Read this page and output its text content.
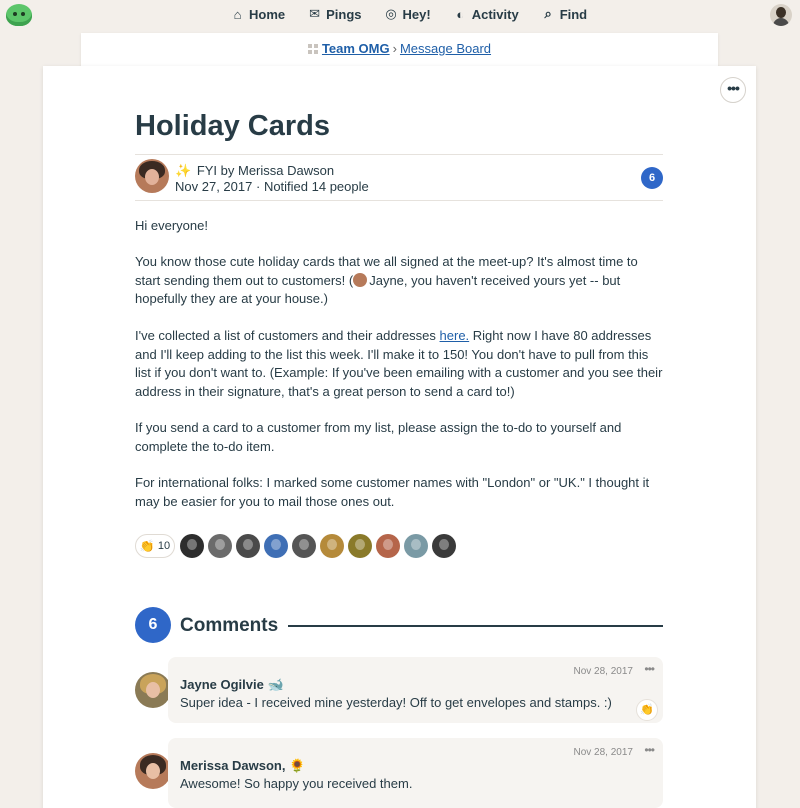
⌂ Home ✉ Pings ◎ Hey! ◐ Activity ⌕ Find
Team OMG › Message Board
•••
Holiday Cards
✨ FYI by Merissa Dawson
Nov 27, 2017 · Notified 14 people
6

Hi everyone!

You know those cute holiday cards that we all signed at the meet-up? It's almost time to start sending them out to customers! ( Jayne, you haven't received yours yet -- but hopefully they are at your house.)

I've collected a list of customers and their addresses here. Right now I have 80 addresses and I'll keep adding to the list this week. I'll make it to 150! You don't have to pull from this list if you don't want to. (Example: If you've been emailing with a customer and you see their address in their signature, that's a great person to send a card to!)

If you send a card to a customer from my list, please assign the to-do to yourself and complete the to-do item.

For international folks: I marked some customer names with "London" or "UK." I thought it may be easier for you to mail those ones out.

👏 10
6	Comments
Nov 28, 2017 •••
Jayne Ogilvie 🐋
Super idea - I received mine yesterday! Off to get envelopes and stamps. :)	👏
Nov 28, 2017 •••
Merissa Dawson, 🌻
Awesome! So happy you received them.
